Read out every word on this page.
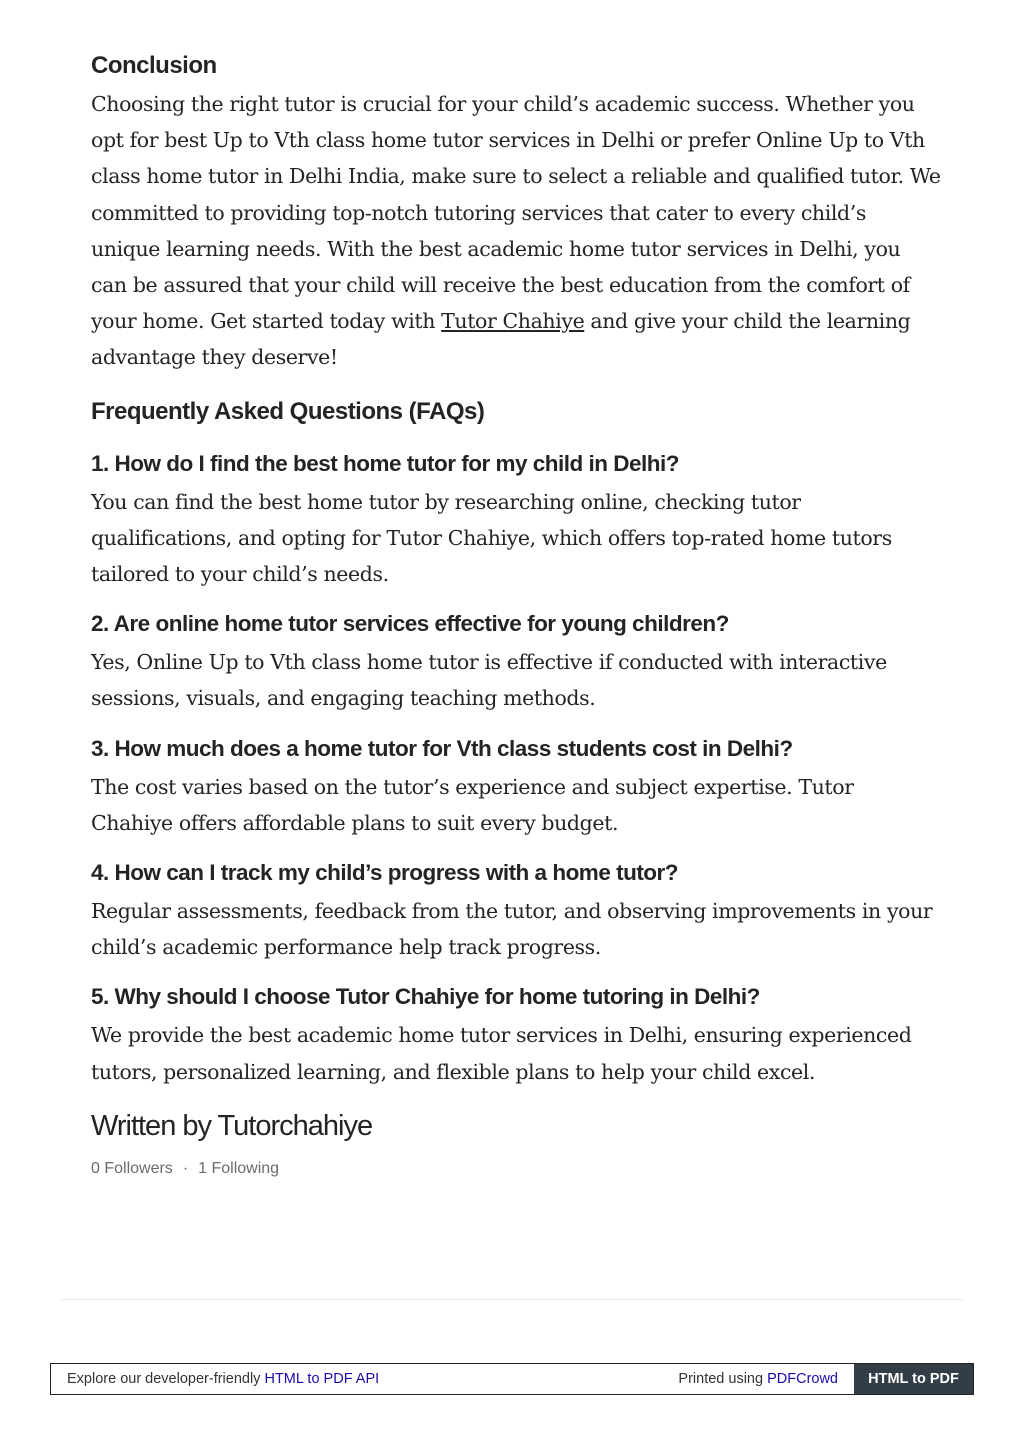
Conclusion

Choosing the right tutor is crucial for your child’s academic success. Whether you opt for best Up to Vth class home tutor services in Delhi or prefer Online Up to Vth class home tutor in Delhi India, make sure to select a reliable and qualified tutor. We committed to providing top-notch tutoring services that cater to every child’s unique learning needs. With the best academic home tutor services in Delhi, you can be assured that your child will receive the best education from the comfort of your home. Get started today with Tutor Chahiye and give your child the learning advantage they deserve!

Frequently Asked Questions (FAQs)
1. How do I find the best home tutor for my child in Delhi?

You can find the best home tutor by researching online, checking tutor qualifications, and opting for Tutor Chahiye, which offers top-rated home tutors tailored to your child’s needs.

2. Are online home tutor services effective for young children?

Yes, Online Up to Vth class home tutor is effective if conducted with interactive sessions, visuals, and engaging teaching methods.

3. How much does a home tutor for Vth class students cost in Delhi?

The cost varies based on the tutor’s experience and subject expertise. Tutor Chahiye offers affordable plans to suit every budget.

4. How can I track my child’s progress with a home tutor?

Regular assessments, feedback from the tutor, and observing improvements in your child’s academic performance help track progress.

5. Why should I choose Tutor Chahiye for home tutoring in Delhi?

We provide the best academic home tutor services in Delhi, ensuring experienced tutors, personalized learning, and flexible plans to help your child excel.

Written by Tutorchahiye
0 Followers · 1 Following
Explore our developer-friendly HTML to PDF API	Printed using PDFCrowd	HTML to PDF
